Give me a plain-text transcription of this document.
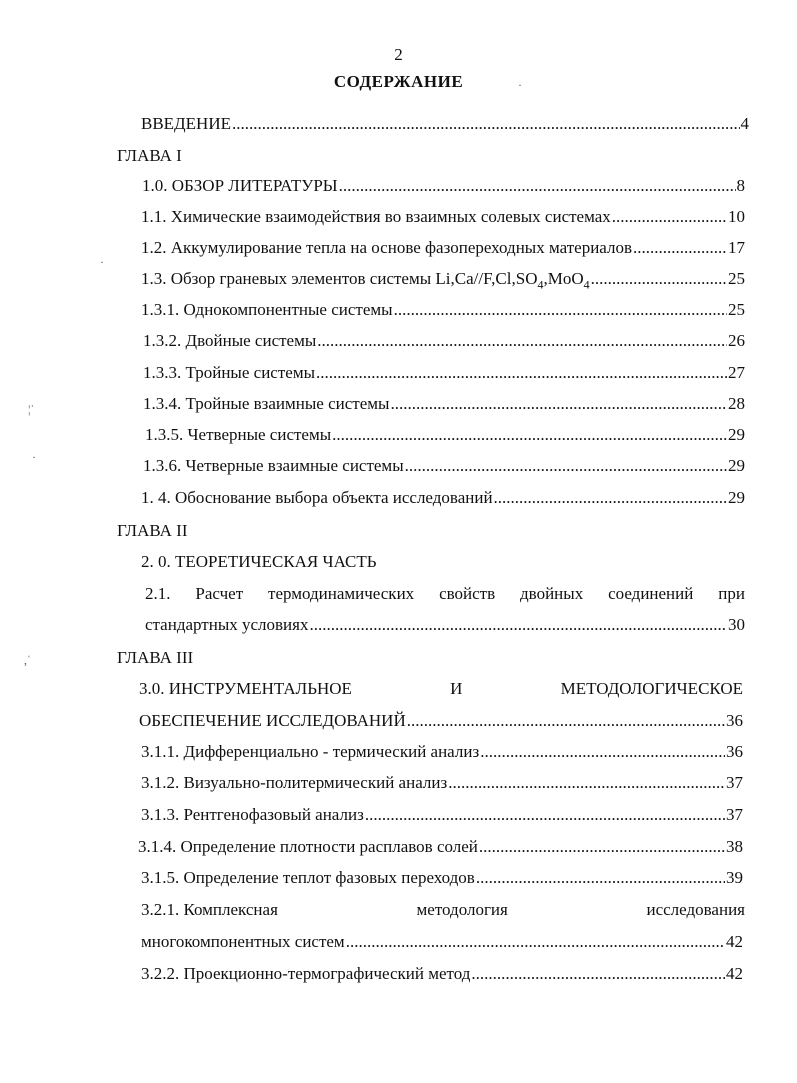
2
СОДЕРЖАНИЕ
ВВЕДЕНИЕ .....	4
ГЛАВА I
1.0. ОБЗОР ЛИТЕРАТУРЫ .....	8
1.1. Химические взаимодействия во взаимных солевых системах .....	10
1.2. Аккумулирование тепла на основе фазопереходных материалов .....	17
1.3. Обзор граневых элементов системы $Li,Ca//F,Cl,SO_4,MoO_4$ .....	25
1.3.1. Однокомпонентные системы .....	25
1.3.2. Двойные системы .....	26
1.3.3. Тройные системы .....	27
1.3.4. Тройные взаимные системы .....	28
1.3.5. Четверные системы .....	29
1.3.6. Четверные взаимные системы .....	29
1. 4. Обоснование выбора объекта исследований .....	29
ГЛАВА II
2. 0. ТЕОРЕТИЧЕСКАЯ ЧАСТЬ
2.1. Расчет термодинамических свойств двойных соединений при
стандартных условиях .....	30
ГЛАВА III
3.0. ИНСТРУМЕНТАЛЬНОЕ	И	МЕТОДОЛОГИЧЕСКОЕ
ОБЕСПЕЧЕНИЕ ИССЛЕДОВАНИЙ .....	36
3.1.1. Дифференциально - термический анализ .....	36
3.1.2. Визуально-политермический анализ .....	37
3.1.3. Рентгенофазовый анализ .....	37
3.1.4. Определение плотности расплавов солей .....	38
3.1.5. Определение теплот фазовых переходов .....	39
3.2.1. Комплексная	методология	исследования
многокомпонентных систем .....	42
3.2.2. Проекционно-термографический метод .....	42
·
·
¦˙
·
,ˈ
